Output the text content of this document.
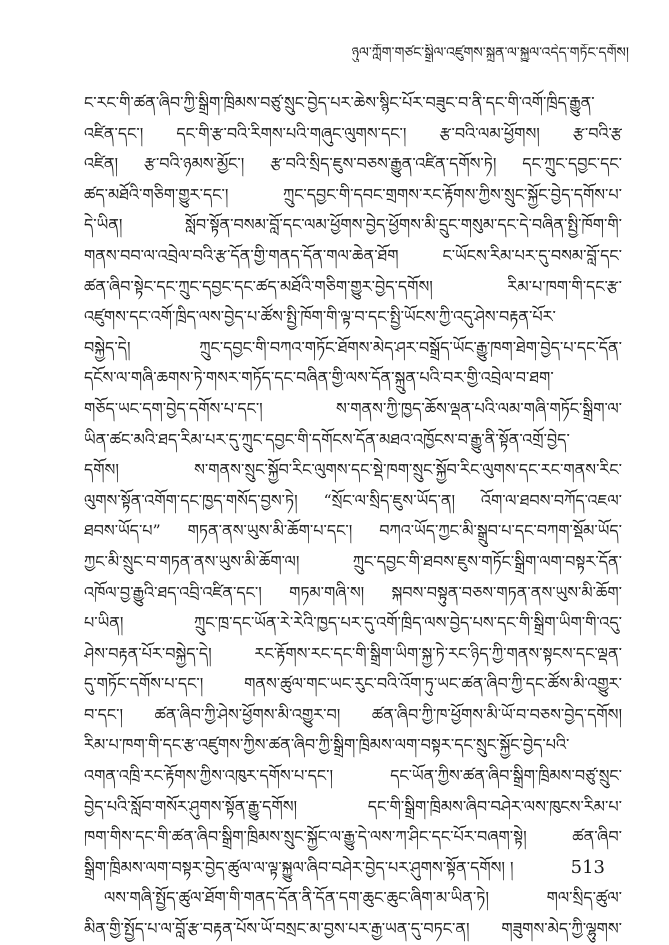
ཉུལ་ཀློག་གཙང་སྒྲིལ་འཛུགས་སྐྲུན་ལ་སྐྱུལ་འདེད་གཏོང་དགོས།
ང་རང་གི་ཚན་ཞིབ་ཀྱི་སྒྲིག་ཁྲིམས་བཙུ་སྲུང་བྱེད་པར་ཆེས་སྙིང་པོར་བཟུང་བ་ནི་དང་གི་འགོ་ཁྲིད་རྒྱུན་
འཛིན་དང་། དང་གི་རྩ་བའི་རིགས་པའི་གཞུང་ལུགས་དང་། རྩ་བའི་ལམ་ཕྱོགས། རྩ་བའི་རྩ
འཛིན། རྩ་བའི་ཉམས་མྱོང་། རྩ་བའི་སྲིད་ཇུས་བཅས་རྒྱུན་འཛིན་དགོས་ཏེ། དང་ཀྲུང་དབྱང་དང་
ཚད་མཐོའི་གཅིག་གྱུར་དང་། ཀྲུང་དབྱང་གི་དབང་གྲགས་རང་རྟོགས་ཀྱིས་སྲུང་སྐྱོང་བྱེད་དགོས་པ་
དེ་ཡིན། སློབ་སྟོན་བསམ་བློ་དང་ལམ་ཕྱོགས་བྱེད་ཕྱོགས་མི་དྲུང་གསུམ་དང་དེ་བཞིན་སྤྱི་ཁོག་གི་
གནས་བབ་ལ་འབྲེལ་བའི་རྩ་དོན་གྱི་གནད་དོན་གལ་ཆེན་ཐོག ང་ཡོངས་རིམ་པར་དུ་བསམ་བློ་དང་
ཚན་ཞིབ་སྟེང་དང་ཀྲུང་དབྱང་དང་ཚད་མཐོའི་གཅིག་གྱུར་བྱེད་དགོས། རིམ་པ་ཁག་གི་དང་རྩ་
འཛུགས་དང་འགོ་ཁྲིད་ལས་བྱེད་པ་ཚོས་སྤྱི་ཁོག་གི་ལྟ་བ་དང་སྤྱི་ཡོངས་ཀྱི་འདུ་ཤེས་བརྟན་པོར་
བསྐྱེད་དེ། ཀྲུང་དབྱང་གི་བཀའ་གཏོང་ཐོགས་མེད་ཤར་བསྒྲོད་ཡོང་རྒྱུ་ཁག་ཐེག་བྱེད་པ་དང་དོན་
དངོས་ལ་གཞི་ཆགས་ཏེ་གསར་གཏོད་དང་བཞིན་གྱི་ལས་དོན་སྐྲུན་པའི་བར་གྱི་འབྲེལ་བ་ཐག་
གཅོད་ཡང་དག་བྱེད་དགོས་པ་དང་། ས་གནས་ཀྱི་ཁྱད་ཆོས་ལྡན་པའི་ལམ་གཞི་གཏོང་སྒྲིག་ལ་
ཡིན་ཚང་མའི་ཐད་རིམ་པར་དུ་ཀྲུང་དབྱང་གི་དགོངས་དོན་མཐའ་འཁྱོངས་བ་རྒྱུ་ནི་སྟོན་འགྲོ་བྱེད་
དགོས། ས་གནས་སྲུང་སྐྱོབ་རིང་ལུགས་དང་སྡེ་ཁག་སྲུང་སྐྱོབ་རིང་ལུགས་དང་རང་གནས་རིང་
ལུགས་སྟོན་འགོག་དང་ཁྱད་གསོད་བྱས་ཏེ། “སྲོང་ལ་སྲིད་ཇུས་ཡོད་ན། འོག་ལ་ཐབས་བཀོད་འཇལ་
ཐབས་ཡོད་པ” གཏན་ནས་ཡུས་མི་ཆོག་པ་དང་། བཀའ་ཡོད་ཀྱང་མི་སྒྲུབ་པ་དང་བཀག་སྡོམ་ཡོད་
ཀྱང་མི་སྲུང་བ་གཏན་ནས་ཡུས་མི་ཆོག་ལ། ཀྲུང་དབྱང་གི་ཐབས་ཇུས་གཏོང་སྒྲིག་ལག་བསྟར་དོན་
འཁོལ་བྱ་རྒྱུའི་ཐད་འབྲི་འཛིན་དང་། གཏམ་གཞི་ས། སྐབས་བསྟུན་བཅས་གཏན་ནས་ཡུས་མི་ཆོག་
པ་ཡིན། ཀྲུང་ཁྲ་དང་ཡོན་རེ་རེའི་ཁྱད་པར་དུ་འགོ་ཁྲིད་ལས་བྱེད་པས་དང་གི་སྒྲིག་ཡིག་གི་འདུ་
ཤེས་བརྟན་པོར་བསྐྱེད་དེ། རང་རྟོགས་རང་དང་གི་སྒྲིག་ཡིག་སྐྱ་ཏེ་རང་ཉིད་ཀྱི་གནས་སྟངས་དང་ལྡན་
དུ་གཏོང་དགོས་པ་དང་། གནས་ཚུལ་གང་ཡང་རུང་བའི་འོག་ཏུ་ཡང་ཚན་ཞིབ་ཀྱི་དང་ཚོས་མི་འགྱུར་
བ་དང་། ཚན་ཞིབ་ཀྱི་ཤེས་ཕྱོགས་མི་འགྱུར་བ། ཚན་ཞིབ་ཀྱི་ཁ་ཕྱོགས་མི་ཡོ་བ་བཅས་བྱེད་དགོས།
རིམ་པ་ཁག་གི་དང་རྩ་འཛུགས་ཀྱིས་ཚན་ཞིབ་ཀྱི་སྒྲིག་ཁྲིམས་ལག་བསྟར་དང་སྲུང་སྐྱོང་བྱེད་པའི་
འགན་འཁྲི་རང་རྟོགས་ཀྱིས་འཁུར་དགོས་པ་དང་། དང་ཡོན་ཀྱིས་ཚན་ཞིབ་སྒྲིག་ཁྲིམས་བཙུ་སྲུང་
བྱེད་པའི་སློབ་གསོར་ཤུགས་སྟོན་རྒྱུ་དགོས། དང་གི་སྒྲིག་ཁྲིམས་ཞིབ་བཤེར་ལས་ཁུངས་རིམ་པ་
ཁག་གིས་དང་གི་ཚན་ཞིབ་སྒྲིག་ཁྲིམས་སྲུང་སྐྱོང་ལ་རྒྱུ་དེ་ལས་ཀ་ཤིང་དང་པོར་བཞག་སྟེ། ཚན་ཞིབ་
སྒྲིག་ཁྲིམས་ལག་བསྟར་བྱེད་ཚུལ་ལ་ལྟ་སྐྱུལ་ཞིབ་བཤེར་བྱེད་པར་ཤུགས་སྟོན་དགོས། །
ལས་གཞི་སྤྱོད་ཚུལ་ཐོག་གི་གནད་དོན་ནི་དོན་དག་ཆུང་ཆུང་ཞིག་མ་ཡིན་ཏེ། གལ་སྲིད་ཚུལ་
མིན་གྱི་སྤྱོད་པ་ལ་བློ་རྩ་བརྟན་པོས་ཡོ་བསྲང་མ་བྱས་པར་རྒྱ་ཡན་དུ་བཏང་ན། གཟུགས་མེད་ཀྱི་ལྷུགས་
513
